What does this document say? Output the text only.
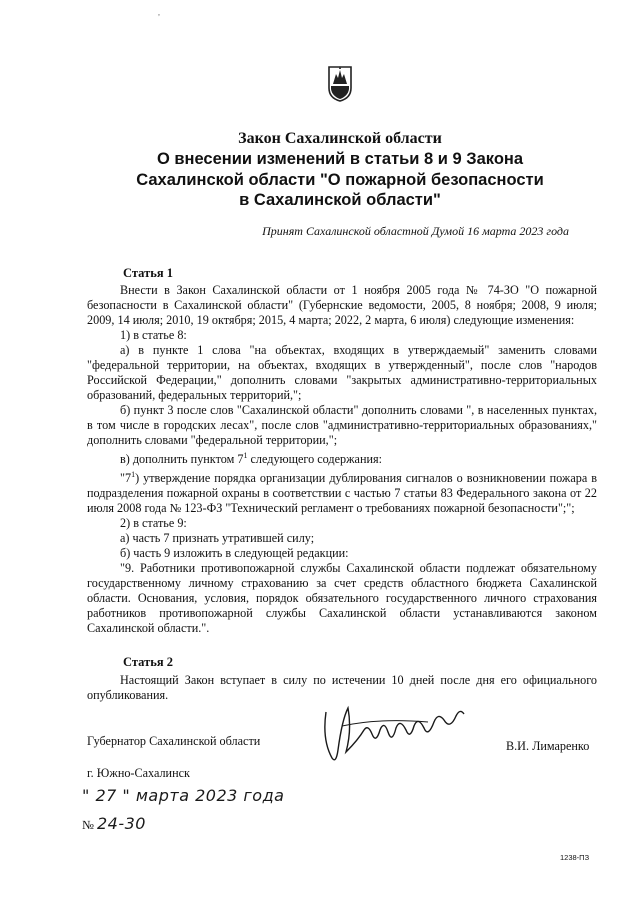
,
Закон Сахалинской области
О внесении изменений в статьи 8 и 9 Закона
Сахалинской области "О пожарной безопасности
в Сахалинской области"
Принят Сахалинской областной Думой 16 марта 2023 года
Статья 1

Внести в Закон Сахалинской области от 1 ноября 2005 года № 74-ЗО "О пожарной безопасности в Сахалинской области" (Губернские ведомости, 2005, 8 ноября; 2008, 9 июля; 2009, 14 июля; 2010, 19 октября; 2015, 4 марта; 2022, 2 марта, 6 июля) следующие изменения:

1) в статье 8:

а) в пункте 1 слова "на объектах, входящих в утверждаемый" заменить словами "федеральной территории, на объектах, входящих в утвержденный", после слов "народов Российской Федерации," дополнить словами "закрытых административно-территориальных образований, федеральных территорий,";

б) пункт 3 после слов "Сахалинской области" дополнить словами ", в населенных пунктах, в том числе в городских лесах", после слов "административно-территориальных образованиях," дополнить словами "федеральной территории,";

в) дополнить пунктом $7^1$ следующего содержания:

"$7^1$) утверждение порядка организации дублирования сигналов о возникновении пожара в подразделения пожарной охраны в соответствии с частью 7 статьи 83 Федерального закона от 22 июля 2008 года № 123-ФЗ "Технический регламент о требованиях пожарной безопасности";";

2) в статье 9:

а) часть 7 признать утратившей силу;

б) часть 9 изложить в следующей редакции:

"9. Работники противопожарной службы Сахалинской области подлежат обязательному государственному личному страхованию за счет средств областного бюджета Сахалинской области. Основания, условия, порядок обязательного государственного личного страхования работников противопожарной службы Сахалинской области устанавливаются законом Сахалинской области.".

Статья 2

Настоящий Закон вступает в силу по истечении 10 дней после дня его официального опубликования.

Губернатор Сахалинской области	В.И. Лимаренко
г. Южно-Сахалинск
" 27 " марта 2023 года
№ 24-30
1238-ПЗ
